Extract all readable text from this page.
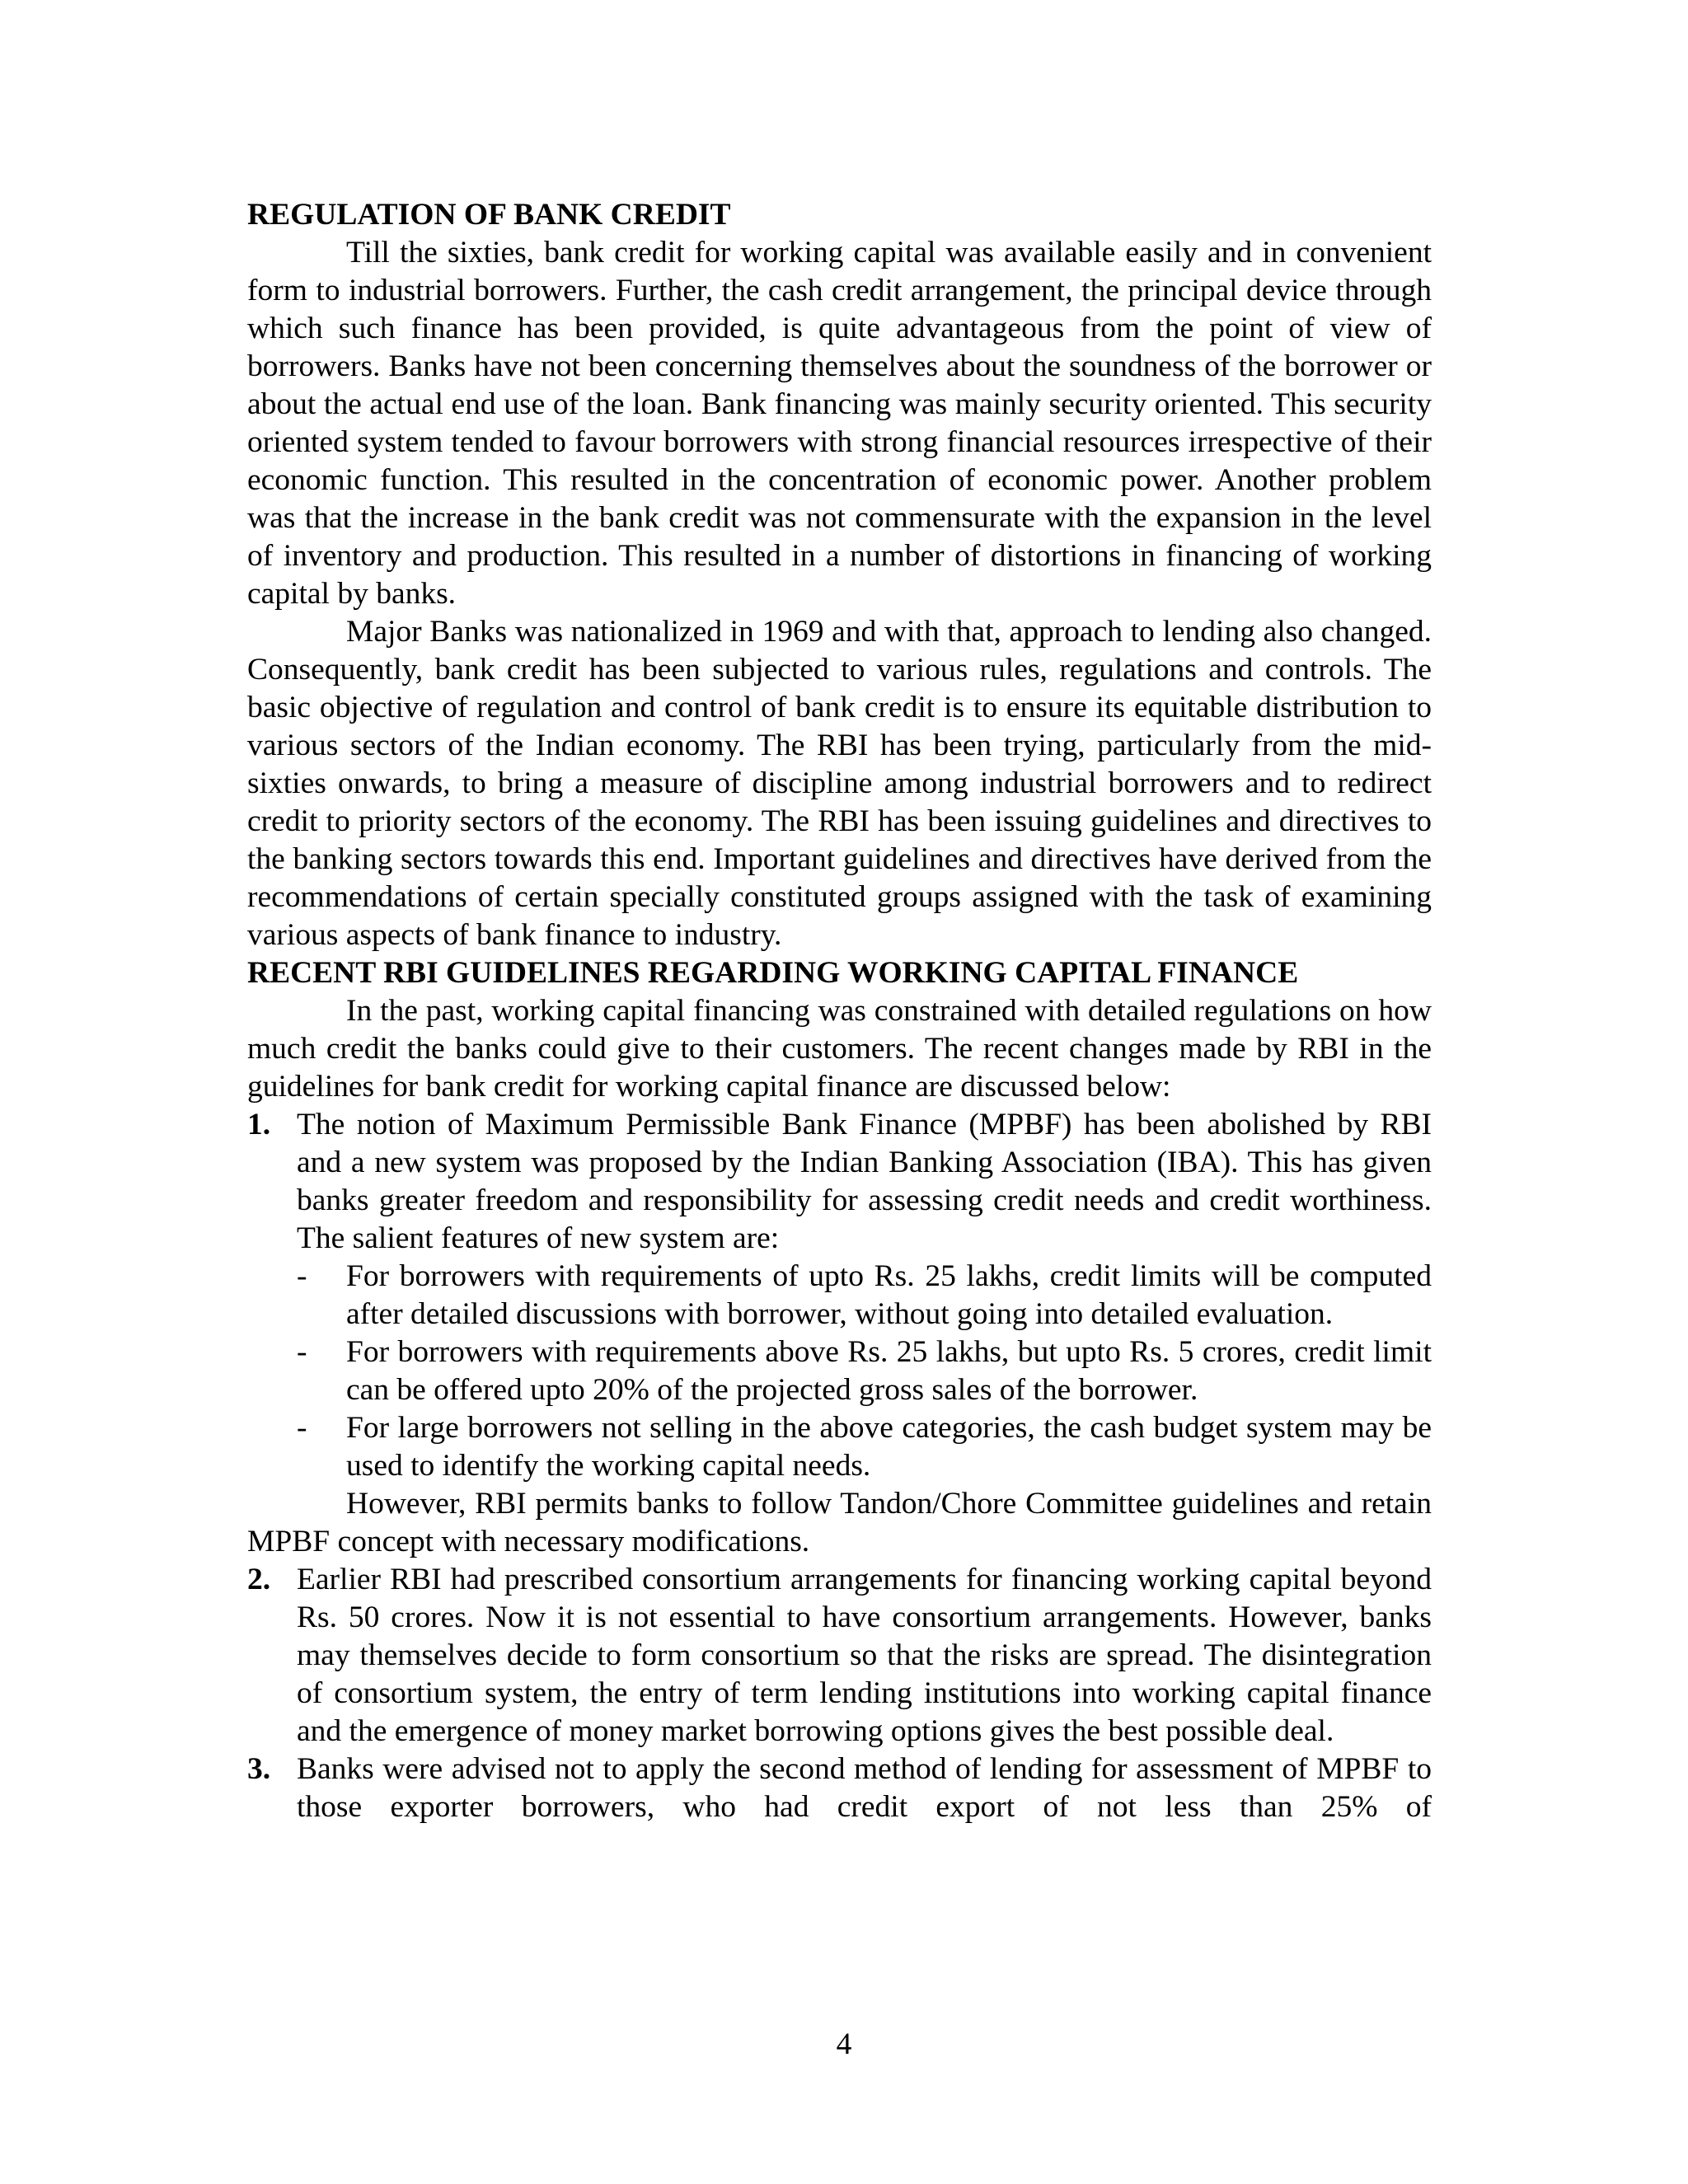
REGULATION OF BANK CREDIT

Till the sixties, bank credit for working capital was available easily and in convenient form to industrial borrowers. Further, the cash credit arrangement, the principal device through which such finance has been provided, is quite advantageous from the point of view of borrowers. Banks have not been concerning themselves about the soundness of the borrower or about the actual end use of the loan. Bank financing was mainly security oriented. This security oriented system tended to favour borrowers with strong financial resources irrespective of their economic function. This resulted in the concentration of economic power. Another problem was that the increase in the bank credit was not commensurate with the expansion in the level of inventory and production. This resulted in a number of distortions in financing of working capital by banks.

Major Banks was nationalized in 1969 and with that, approach to lending also changed. Consequently, bank credit has been subjected to various rules, regulations and controls. The basic objective of regulation and control of bank credit is to ensure its equitable distribution to various sectors of the Indian economy. The RBI has been trying, particularly from the mid-sixties onwards, to bring a measure of discipline among industrial borrowers and to redirect credit to priority sectors of the economy. The RBI has been issuing guidelines and directives to the banking sectors towards this end. Important guidelines and directives have derived from the recommendations of certain specially constituted groups assigned with the task of examining various aspects of bank finance to industry.

RECENT RBI GUIDELINES REGARDING WORKING CAPITAL FINANCE

In the past, working capital financing was constrained with detailed regulations on how much credit the banks could give to their customers. The recent changes made by RBI in the guidelines for bank credit for working capital finance are discussed below:

1. The notion of Maximum Permissible Bank Finance (MPBF) has been abolished by RBI and a new system was proposed by the Indian Banking Association (IBA). This has given banks greater freedom and responsibility for assessing credit needs and credit worthiness. The salient features of new system are:

-	For borrowers with requirements of upto Rs. 25 lakhs, credit limits will be computed after detailed discussions with borrower, without going into detailed evaluation.

-	For borrowers with requirements above Rs. 25 lakhs, but upto Rs. 5 crores, credit limit can be offered upto 20% of the projected gross sales of the borrower.

-	For large borrowers not selling in the above categories, the cash budget system may be used to identify the working capital needs.

However, RBI permits banks to follow Tandon/Chore Committee guidelines and retain MPBF concept with necessary modifications.

2. Earlier RBI had prescribed consortium arrangements for financing working capital beyond Rs. 50 crores. Now it is not essential to have consortium arrangements. However, banks may themselves decide to form consortium so that the risks are spread. The disintegration of consortium system, the entry of term lending institutions into working capital finance and the emergence of money market borrowing options gives the best possible deal.

3. Banks were advised not to apply the second method of lending for assessment of MPBF to those exporter borrowers, who had credit export of not less than 25% of

4
